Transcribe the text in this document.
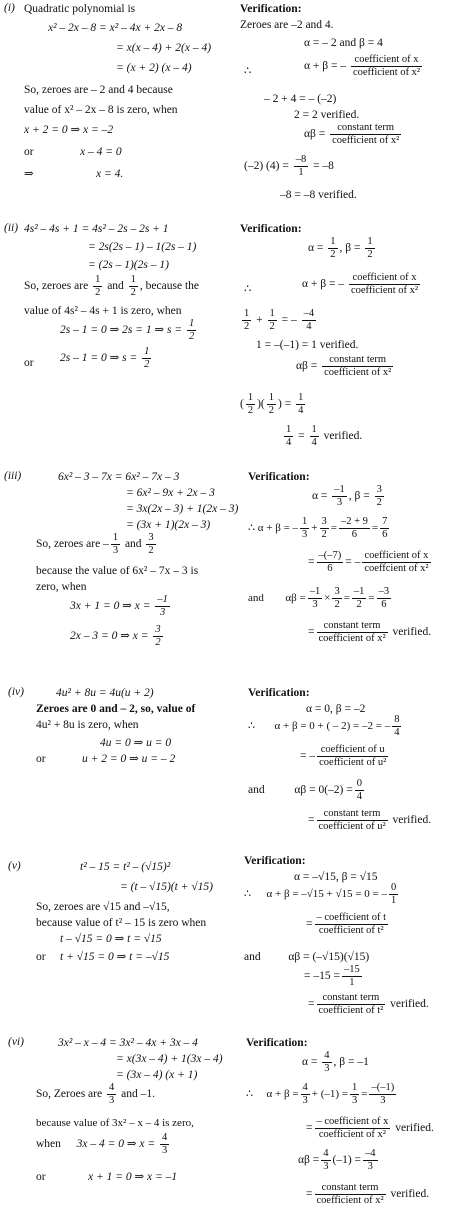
(i) Quadratic polynomial is
x² – 2x – 8 = x² – 4x + 2x – 8
= x(x – 4) + 2(x – 4)
= (x + 2) (x – 4)
So, zeroes are – 2 and 4 because
value of x² – 2x – 8 is zero, when
x + 2 = 0 ⇒ x = –2
or	x – 4 = 0
⇒	x = 4.
Verification:
Zeroes are –2 and 4.
α = – 2 and β = 4
∴	α + β = – $\frac{\text{coefficient of x}}{\text{coefficient of x²}}$
– 2 + 4 = – (–2)
2 = 2 verified.
$\alpha\beta = \frac{\text{constant term}}{\text{coefficient of x²}}$
(–2) $(4) = \frac{-8}{1} = -8$
–8 = –8 verified.
(ii) 4s² – 4s + 1 = 4s² – 2s – 2s + 1
= 2s(2s – 1) – 1(2s – 1)
= (2s – 1)(2s – 1)
So, zeroes are $\frac{1}{2}$ and $\frac{1}{2}$ , because the
value of 4s² – 4s + 1 is zero, when
2s – 1 = 0 ⇒ 2s = 1 ⇒ $s = \frac{1}{2}$
or 2s – 1 = 0 ⇒ $s = \frac{1}{2}$
Verification:
$\alpha = \frac{1}{2}$ , $\beta = \frac{1}{2}$
∴	α + β = – $\frac{\text{coefficient of x}}{\text{coefficient of x²}}$
$\frac{1}{2} + \frac{1}{2}$ = – $\frac{-4}{4}$
1 = –(–1) = 1 verified.
$\alpha\beta = \frac{\text{constant term}}{\text{coefficient of x²}}$
( $\frac{1}{2}$ )( $\frac{1}{2}$ ) = $\frac{1}{4}$
$\frac{1}{4} = \frac{1}{4}$ verified.
(iii)	6x² – 3 – 7x = 6x² – 7x – 3
= 6x² – 9x + 2x – 3
= 3x(2x – 3) + 1(2x – 3)
= (3x + 1)(2x – 3)
So, zeroes are – $\frac{1}{3}$ and $\frac{3}{2}$
because the value of 6x² – 7x – 3 is
zero, when
3x + 1 = 0 ⇒ $x = \frac{-1}{3}$
2x – 3 = 0 ⇒ $x = \frac{3}{2}$
Verification:
$\alpha = \frac{-1}{3}$ , $\beta = \frac{3}{2}$
∴ α + β = – $\frac{1}{3} + \frac{3}{2} = \frac{-2 + 9}{6} = \frac{7}{6}$
= $\frac{-(-7)}{6}$ = – $\frac{\text{coefficient of x}}{\text{coeffcient of x²}}$
and $\alpha\beta = \frac{-1}{3} \times \frac{3}{2} = \frac{-1}{2} = \frac{-3}{6}$
= $\frac{\text{constant term}}{\text{coefficient of x²}}$ verified.
(iv)	4u² + 8u = 4u(u + 2)
Zeroes are 0 and – 2, so, value of
4u² + 8u is zero, when
4u = 0 ⇒ u = 0
or	u + 2 = 0 ⇒ u = – 2
Verification:
α = 0, β = –2
∴ α + β = 0 + ( – 2) = –2 = – $\frac{8}{4}$
= – $\frac{\text{coefficient of u}}{\text{coefficient of u²}}$
and	$\alpha\beta = 0(-2) = \frac{0}{4}$
= $\frac{\text{constant term}}{\text{coefficient of u²}}$ verified.
(v)	t² – 15 = t² – (√15)²
= (t – √15)(t + √15)
So, zeroes are √15 and –√15,
because value of t² – 15 is zero when
t – √15 = 0 ⇒ t = √15
or t + √15 = 0 ⇒ t = –√15
Verification:
α = –√15, β = √15
∴ α + β = –√15 + √15 = 0 = – $\frac{0}{1}$
= $\frac{\text{– coefficient of t}}{\text{coefficient of t²}}$
and αβ = (–√15)(√15)
= $-15 = \frac{-15}{1}$
= $\frac{\text{constant term}}{\text{coefficient of t²}}$ verified.
(vi)	3x² – x – 4 = 3x² – 4x + 3x – 4
= x(3x – 4) + 1(3x – 4)
= (3x – 4) (x + 1)
So, Zeroes are $\frac{4}{3}$ and –1.
because value of 3x² – x – 4 is zero,
when 3x – 4 = 0 ⇒ $x = \frac{4}{3}$
or	x + 1 = 0 ⇒ x = –1
Verification:
$\alpha = \frac{4}{3}$ , β = –1
∴ $\alpha + \beta = \frac{4}{3} + (-1) = \frac{1}{3} = \frac{-(-1)}{3}$
= $\frac{\text{– coefficient of x}}{\text{coefficient of x²}}$ verified.
$\alpha\beta = \frac{4}{3} (-1) = \frac{-4}{3}$
= $\frac{\text{constant term}}{\text{coefficient of x²}}$ verified.
